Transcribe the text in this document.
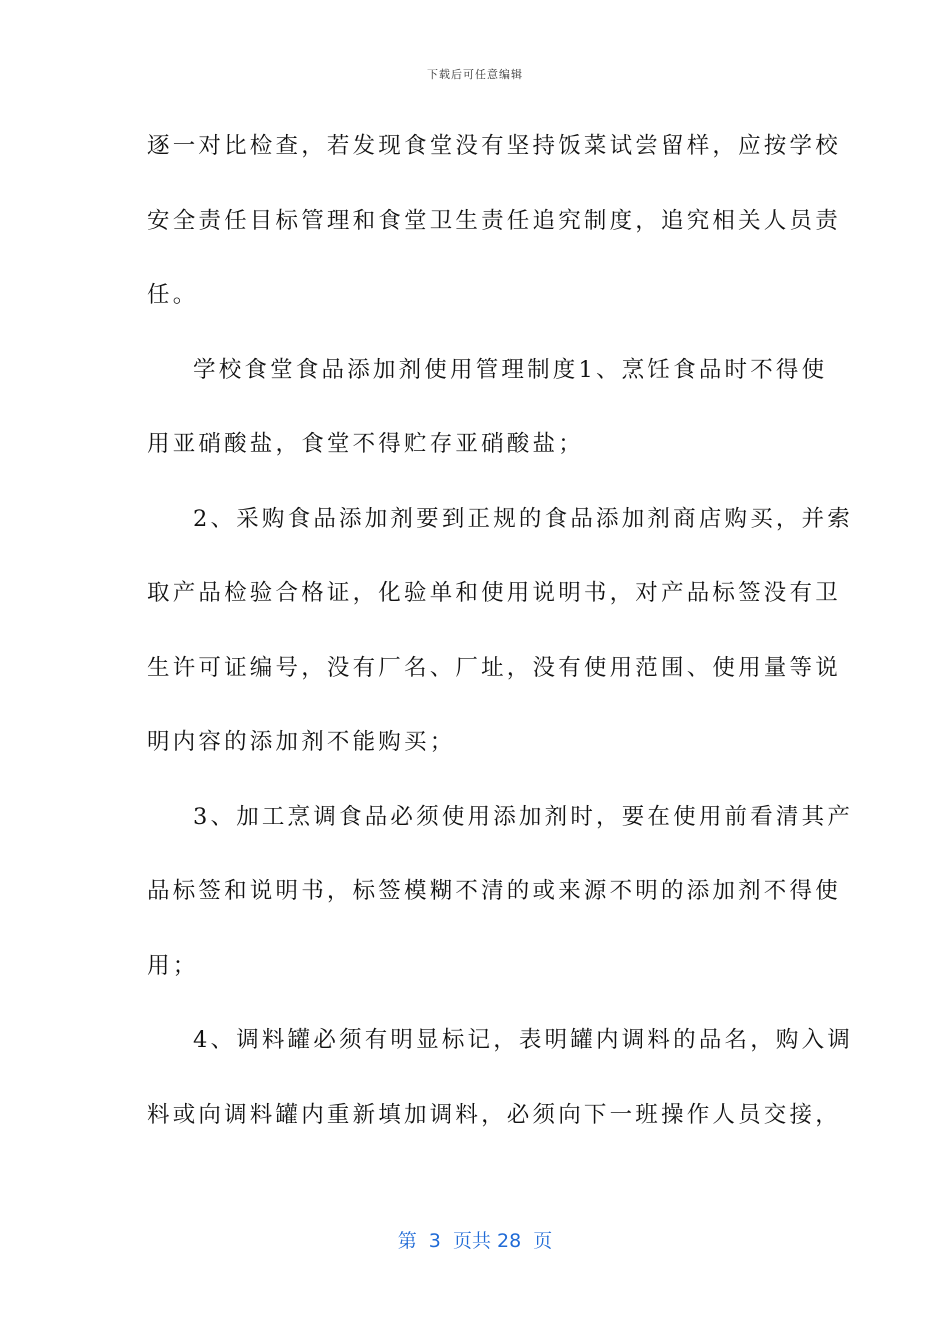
下载后可任意编辑
逐一对比检查，若发现食堂没有坚持饭菜试尝留样，应按学校
安全责任目标管理和食堂卫生责任追究制度，追究相关人员责
任。
学校食堂食品添加剂使用管理制度1、烹饪食品时不得使
用亚硝酸盐，食堂不得贮存亚硝酸盐；
2、采购食品添加剂要到正规的食品添加剂商店购买，并索
取产品检验合格证，化验单和使用说明书，对产品标签没有卫
生许可证编号，没有厂名、厂址，没有使用范围、使用量等说
明内容的添加剂不能购买；
3、加工烹调食品必须使用添加剂时，要在使用前看清其产
品标签和说明书，标签模糊不清的或来源不明的添加剂不得使
用；
4、调料罐必须有明显标记，表明罐内调料的品名，购入调
料或向调料罐内重新填加调料，必须向下一班操作人员交接，
第  3  页共 28  页
